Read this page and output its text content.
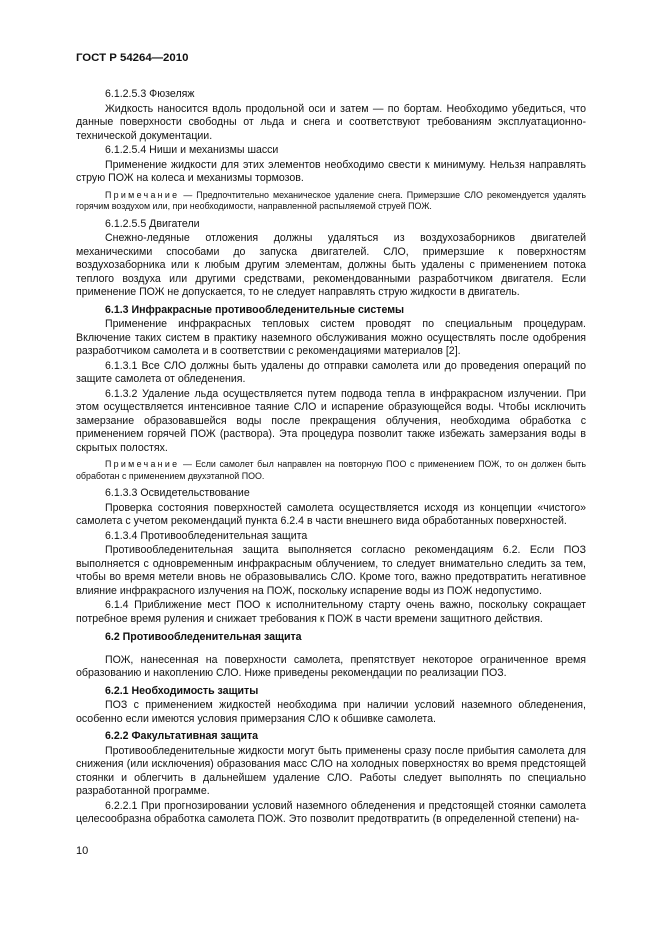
ГОСТ Р 54264—2010
6.1.2.5.3 Фюзеляж
Жидкость наносится вдоль продольной оси и затем — по бортам. Необходимо убедиться, что данные поверхности свободны от льда и снега и соответствуют требованиям эксплуатационно-технической документации.
6.1.2.5.4 Ниши и механизмы шасси
Применение жидкости для этих элементов необходимо свести к минимуму. Нельзя направлять струю ПОЖ на колеса и механизмы тормозов.
Примечание — Предпочтительно механическое удаление снега. Примерзшие СЛО рекомендуется удалять горячим воздухом или, при необходимости, направленной распыляемой струей ПОЖ.
6.1.2.5.5 Двигатели
Снежно-ледяные отложения должны удаляться из воздухозаборников двигателей механическими способами до запуска двигателей. СЛО, примерзшие к поверхностям воздухозаборника или к любым другим элементам, должны быть удалены с применением потока теплого воздуха или другими средствами, рекомендованными разработчиком двигателя. Если применение ПОЖ не допускается, то не следует направлять струю жидкости в двигатель.
6.1.3 Инфракрасные противообледенительные системы
Применение инфракрасных тепловых систем проводят по специальным процедурам. Включение таких систем в практику наземного обслуживания можно осуществлять после одобрения разработчиком самолета и в соответствии с рекомендациями материалов [2].
6.1.3.1 Все СЛО должны быть удалены до отправки самолета или до проведения операций по защите самолета от обледенения.
6.1.3.2 Удаление льда осуществляется путем подвода тепла в инфракрасном излучении. При этом осуществляется интенсивное таяние СЛО и испарение образующейся воды. Чтобы исключить замерзание образовавшейся воды после прекращения облучения, необходима обработка с применением горячей ПОЖ (раствора). Эта процедура позволит также избежать замерзания воды в скрытых полостях.
Примечание — Если самолет был направлен на повторную ПОО с применением ПОЖ, то он должен быть обработан с применением двухэтапной ПОО.
6.1.3.3 Освидетельствование
Проверка состояния поверхностей самолета осуществляется исходя из концепции «чистого» самолета с учетом рекомендаций пункта 6.2.4 в части внешнего вида обработанных поверхностей.
6.1.3.4 Противообледенительная защита
Противообледенительная защита выполняется согласно рекомендациям 6.2. Если ПОЗ выполняется с одновременным инфракрасным облучением, то следует внимательно следить за тем, чтобы во время метели вновь не образовывались СЛО. Кроме того, важно предотвратить негативное влияние инфракрасного излучения на ПОЖ, поскольку испарение воды из ПОЖ недопустимо.
6.1.4 Приближение мест ПОО к исполнительному старту очень важно, поскольку сокращает потребное время руления и снижает требования к ПОЖ в части времени защитного действия.
6.2 Противообледенительная защита
ПОЖ, нанесенная на поверхности самолета, препятствует некоторое ограниченное время образованию и накоплению СЛО. Ниже приведены рекомендации по реализации ПОЗ.
6.2.1 Необходимость защиты
ПОЗ с применением жидкостей необходима при наличии условий наземного обледенения, особенно если имеются условия примерзания СЛО к обшивке самолета.
6.2.2 Факультативная защита
Противообледенительные жидкости могут быть применены сразу после прибытия самолета для снижения (или исключения) образования масс СЛО на холодных поверхностях во время предстоящей стоянки и облегчить в дальнейшем удаление СЛО. Работы следует выполнять по специально разработанной программе.
6.2.2.1 При прогнозировании условий наземного обледенения и предстоящей стоянки самолета целесообразна обработка самолета ПОЖ. Это позволит предотвратить (в определенной степени) на-
10
